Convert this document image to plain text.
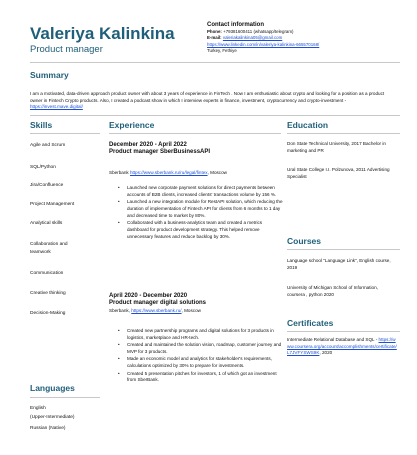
Valeriya Kalinkina
Product manager
Contact information
Phone: +79381600411 (whatsapp/telegram)
E-mail: valeriakalinkina05@gmail.com
https://www.linkedin.com/in/valeriya-kalinkina-665570168/
Turkey, Fethiye
Summary
I am a motivated, data-driven approach product owner with about 3 years of experience in FinTech . Now I am enthusiastic about crypto and looking for a position as a product owner in Fintech Crypto products. Also, I created a podcast show in which I interview experts in finance, investment, cryptocurrency and crypto-investment - https://invest.mave.digital/
Skills	Experience	Education
Agile and Scrum
SQL/Python
Jira/Confluence
Project Management
Analytical skills
Collaboration and teamwork
Communication
Creative thinking
Decision-Making
December 2020 - April 2022
Product manager SberBusinessAPI
Sberbank https://www.sberbank.ru/ru/legal/fintex, Moscow
• Launched new corporate payment solutions for direct payments between accounts of B2B clients, increased clients' transactions volume by 156 %.
• Launched a new integration module for RestAPI solution, which reducing the duration of implementation of Fintech API for clients from 6 months to 1 day and decreased time to market by 80%.
• Collaborated with a business-analytics team and created a metrics dashboard for product development strategy. This helped remove unnecessary features and reduce backlog by 30%.
April 2020 - December 2020
Product manager digital solutions
Sberbank, https://www.sberbank.ru/, Moscow
• Created new partnership programs and digital solutions for 3 products in logistics, marketplace and HR-tech.
• Created and maintained the solution vision, roadmap, customer journey and MVP for 3 products.
• Made an economic model and analytics for stakeholder's requirements, calculations optimized by 30% to prepare for investments.
• Created 5 presentation pitches for investors, 1 of which got an investment from SberBank.
Don State Technical University, 2017 Bachelor in marketing and PR
Ural State College I.I. Polzunova, 2011 Advertising Specialist
Courses
Language school "Language Link", English course, 2019
University of Michigan School of Information, coursera , python 2020
Certificates
Intermediate Relational Database and SQL - https://www.coursera.org/account/accomplishments/certificate/L7JVFYSWS9K, 2020
Languages
English
(Upper-Intermediate)
Russian (Native)
